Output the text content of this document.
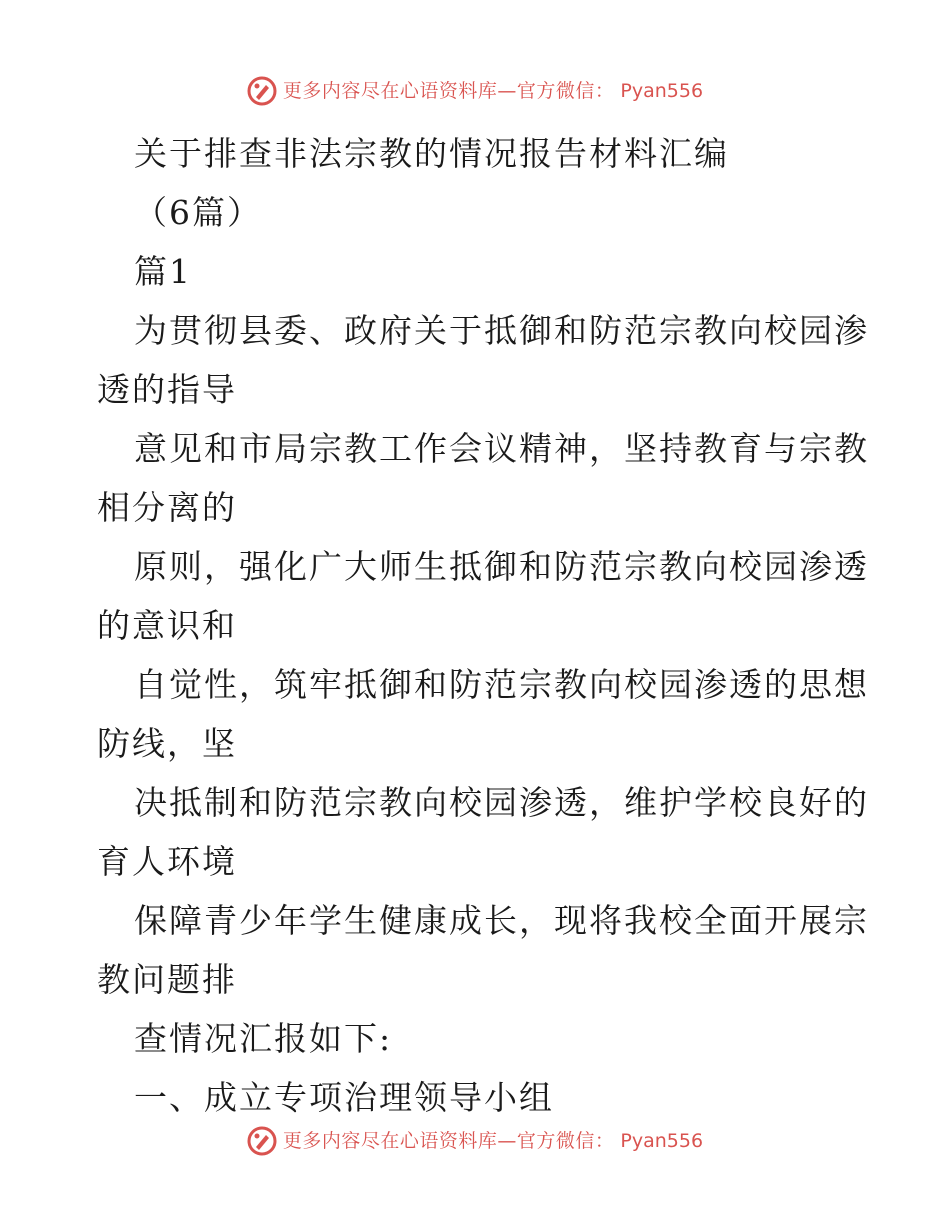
更多内容尽在心语资料库—官方微信： Pyan556
关于排查非法宗教的情况报告材料汇编
（6篇）
篇1
为贯彻县委、政府关于抵御和防范宗教向校园渗
透的指导
意见和市局宗教工作会议精神，坚持教育与宗教
相分离的
原则，强化广大师生抵御和防范宗教向校园渗透
的意识和
自觉性，筑牢抵御和防范宗教向校园渗透的思想
防线，坚
决抵制和防范宗教向校园渗透，维护学校良好的
育人环境
保障青少年学生健康成长，现将我校全面开展宗
教问题排
查情况汇报如下:
一、成立专项治理领导小组
更多内容尽在心语资料库—官方微信： Pyan556
